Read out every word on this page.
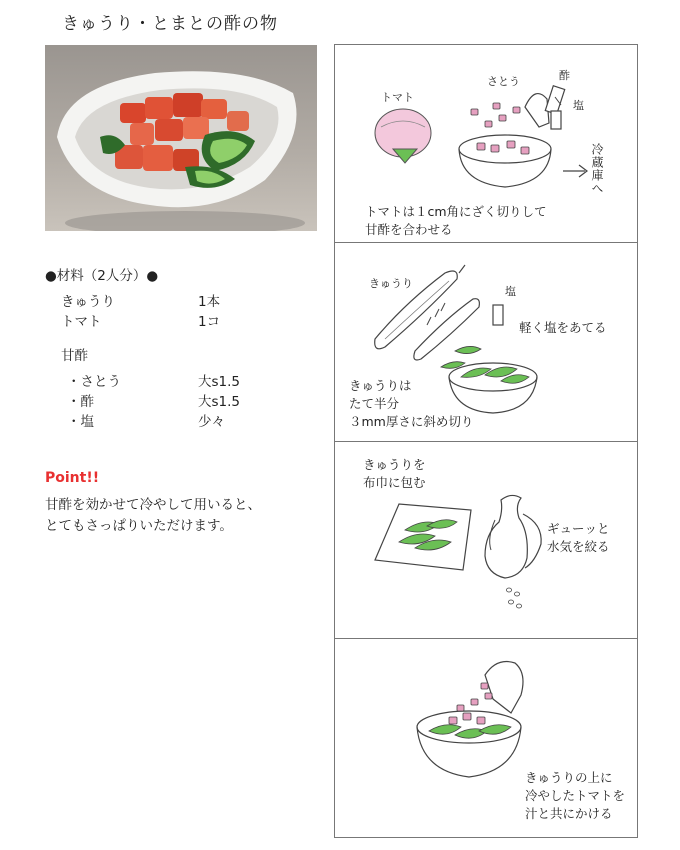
きゅうり・とまとの酢の物
●材料（2人分）●
きゅうり	1本
トマト	1コ
甘酢
・さとう	大s1.5
・酢	大s1.5
・塩	少々
Point!!
甘酢を効かせて冷やして用いると、
とてもさっぱりいただけます。
トマト
さとう	酢
塩
冷蔵庫へ
トマトは１cm角にざく切りして
甘酢を合わせる
きゅうり
塩
軽く塩をあてる
きゅうりは
たて半分
３mm厚さに斜め切り
きゅうりを
布巾に包む
ギューッと
水気を絞る
きゅうりの上に
冷やしたトマトを
汁と共にかける
